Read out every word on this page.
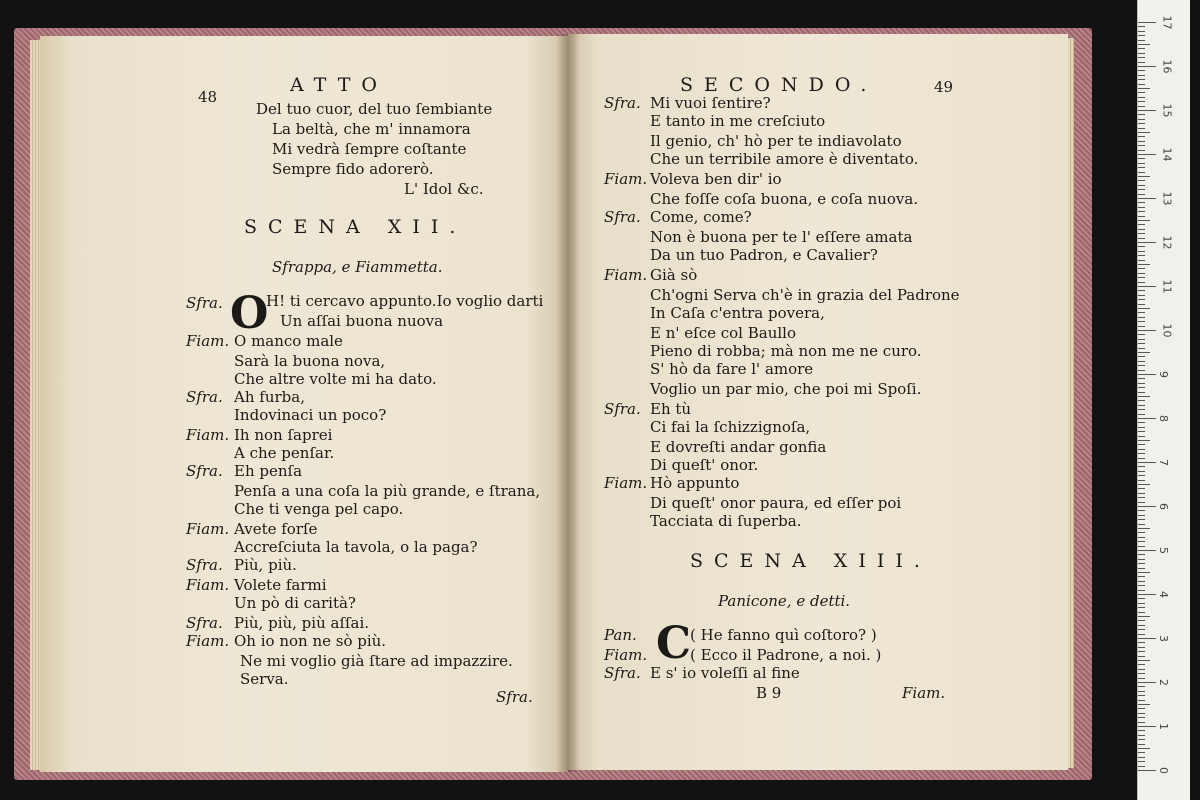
48
ATTO
Del tuo cuor, del tuo ſembiante
La beltà, che m' innamora
Mi vedrà ſempre coſtante
Sempre fido adorerò.
L' Idol &c.
SCENA XII.
Sfrappa, e Fiammetta.
O
Sfra.	H! ti cercavo appunto.Io voglio darti
Un aſſai buona nuova
Fiam. O manco male
Sarà la buona nova,
Che altre volte mi ha dato.
Sfra. Ah furba,
Indovinaci un poco?
Fiam. Ih non ſaprei
A che penſar.
Sfra. Eh penſa
Penſa a una coſa la più grande, e ſtrana,
Che ti venga pel capo.
Fiam. Avete forſe
Accreſciuta la tavola, o la paga?
Sfra. Più, più.
Fiam. Volete farmi
Un pò di carità?
Sfra. Più, più, più aſſai.
Fiam. Oh io non ne sò più.
Ne mi voglio già ſtare ad impazzire.
Serva.
Sfra.
SECONDO.	49
Sfra. Mi vuoi ſentire?
E tanto in me creſciuto
Il genio, ch' hò per te indiavolato
Che un terribile amore è diventato.
Fiam. Voleva ben dir' io
Che foſſe coſa buona, e coſa nuova.
Sfra. Come, come?
Non è buona per te l' eſſere amata
Da un tuo Padron, e Cavalier?
Fiam. Già sò
Ch'ogni Serva ch'è in grazia del Padrone
In Caſa c'entra povera,
E n' eſce col Baullo
Pieno di robba; mà non me ne curo.
S' hò da fare l' amore
Voglio un par mio, che poi mi Spoſi.
Sfra. Eh tù
Ci fai la ſchizzignoſa,
E dovreſti andar gonfia
Di queſt' onor.
Fiam. Hò appunto
Di queſt' onor paura, ed eſſer poi
Tacciata di ſuperba.
SCENA XIII.
Panicone, e detti.
C
Pan.	( He fanno quì coſtoro? )
Fiam.	( Ecco il Padrone, a noi. )
Sfra. E s' io voleſſi al fine
B 9	Fiam.
0
1
2
3
4
5
6
7
8
9
10
11
12
13
14
15
16
17
